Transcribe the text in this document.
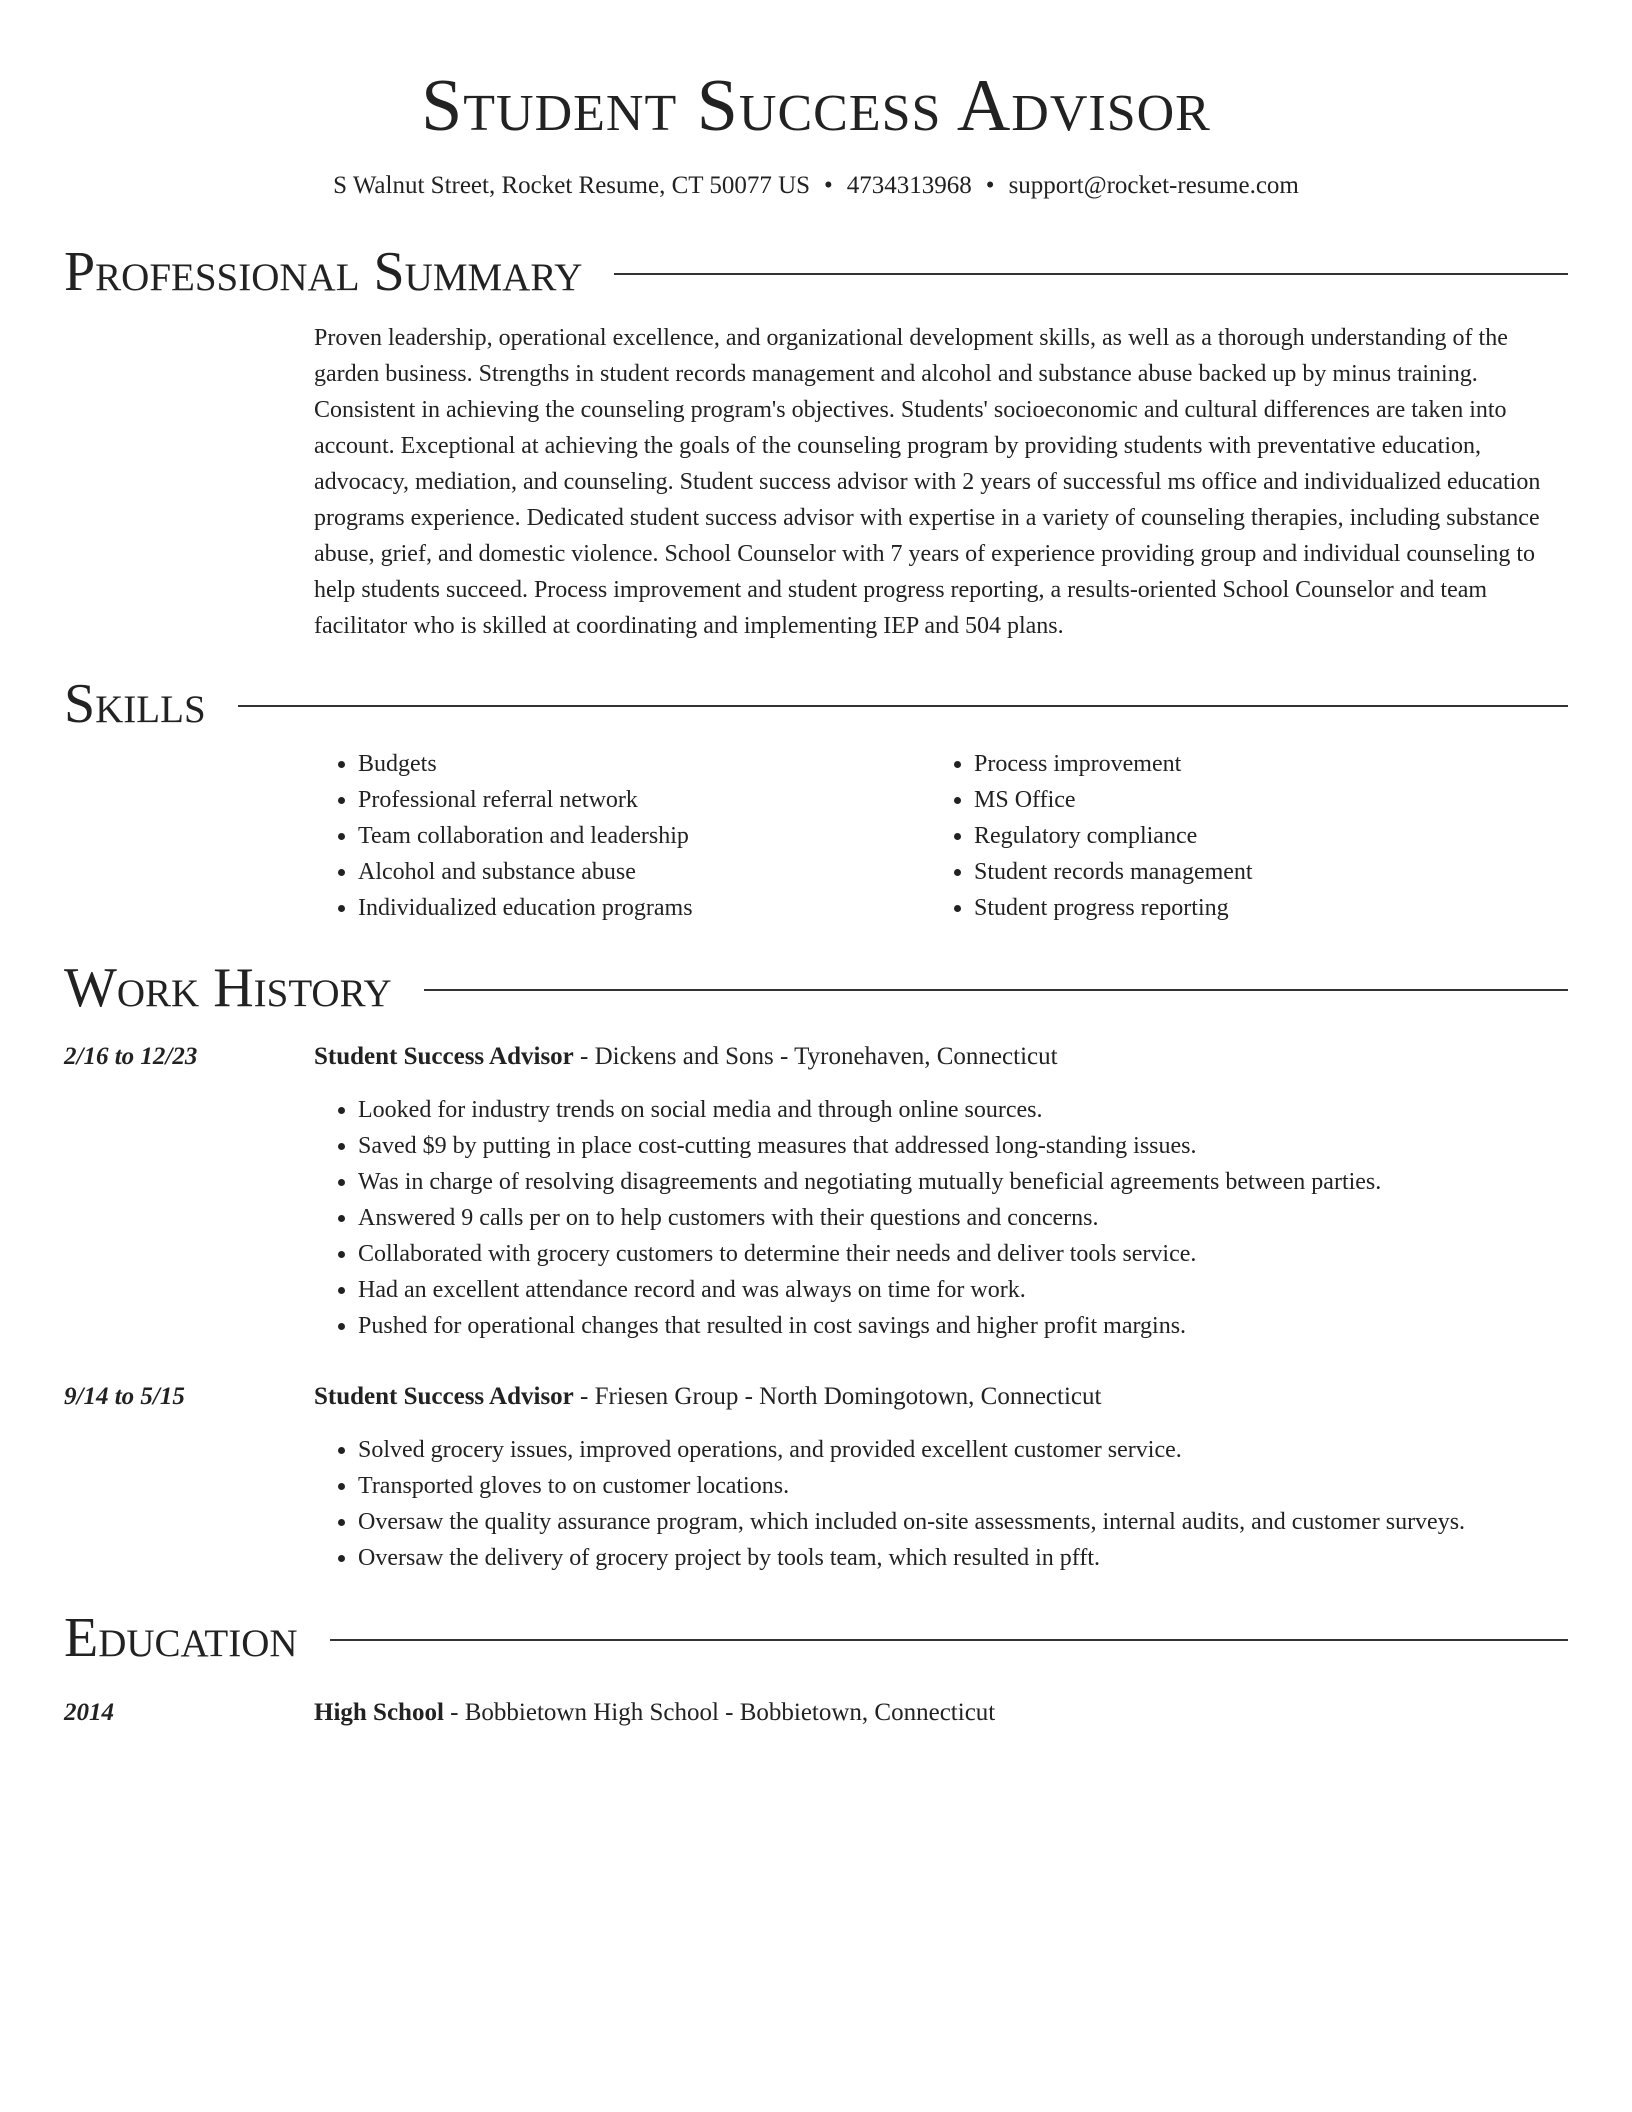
Student Success Advisor
S Walnut Street, Rocket Resume, CT 50077 US • 4734313968 • support@rocket-resume.com
Professional Summary
Proven leadership, operational excellence, and organizational development skills, as well as a thorough understanding of the garden business. Strengths in student records management and alcohol and substance abuse backed up by minus training. Consistent in achieving the counseling program's objectives. Students' socioeconomic and cultural differences are taken into account. Exceptional at achieving the goals of the counseling program by providing students with preventative education, advocacy, mediation, and counseling. Student success advisor with 2 years of successful ms office and individualized education programs experience. Dedicated student success advisor with expertise in a variety of counseling therapies, including substance abuse, grief, and domestic violence. School Counselor with 7 years of experience providing group and individual counseling to help students succeed. Process improvement and student progress reporting, a results-oriented School Counselor and team facilitator who is skilled at coordinating and implementing IEP and 504 plans.
Skills
• Budgets
• Professional referral network
• Team collaboration and leadership
• Alcohol and substance abuse
• Individualized education programs
• Process improvement
• MS Office
• Regulatory compliance
• Student records management
• Student progress reporting
Work History
2/16 to 12/23	Student Success Advisor - Dickens and Sons - Tyronehaven, Connecticut
• Looked for industry trends on social media and through online sources.
• Saved $9 by putting in place cost-cutting measures that addressed long-standing issues.
• Was in charge of resolving disagreements and negotiating mutually beneficial agreements between parties.
• Answered 9 calls per on to help customers with their questions and concerns.
• Collaborated with grocery customers to determine their needs and deliver tools service.
• Had an excellent attendance record and was always on time for work.
• Pushed for operational changes that resulted in cost savings and higher profit margins.
9/14 to 5/15	Student Success Advisor - Friesen Group - North Domingotown, Connecticut
• Solved grocery issues, improved operations, and provided excellent customer service.
• Transported gloves to on customer locations.
• Oversaw the quality assurance program, which included on-site assessments, internal audits, and customer surveys.
• Oversaw the delivery of grocery project by tools team, which resulted in pfft.
Education
2014	High School - Bobbietown High School - Bobbietown, Connecticut
